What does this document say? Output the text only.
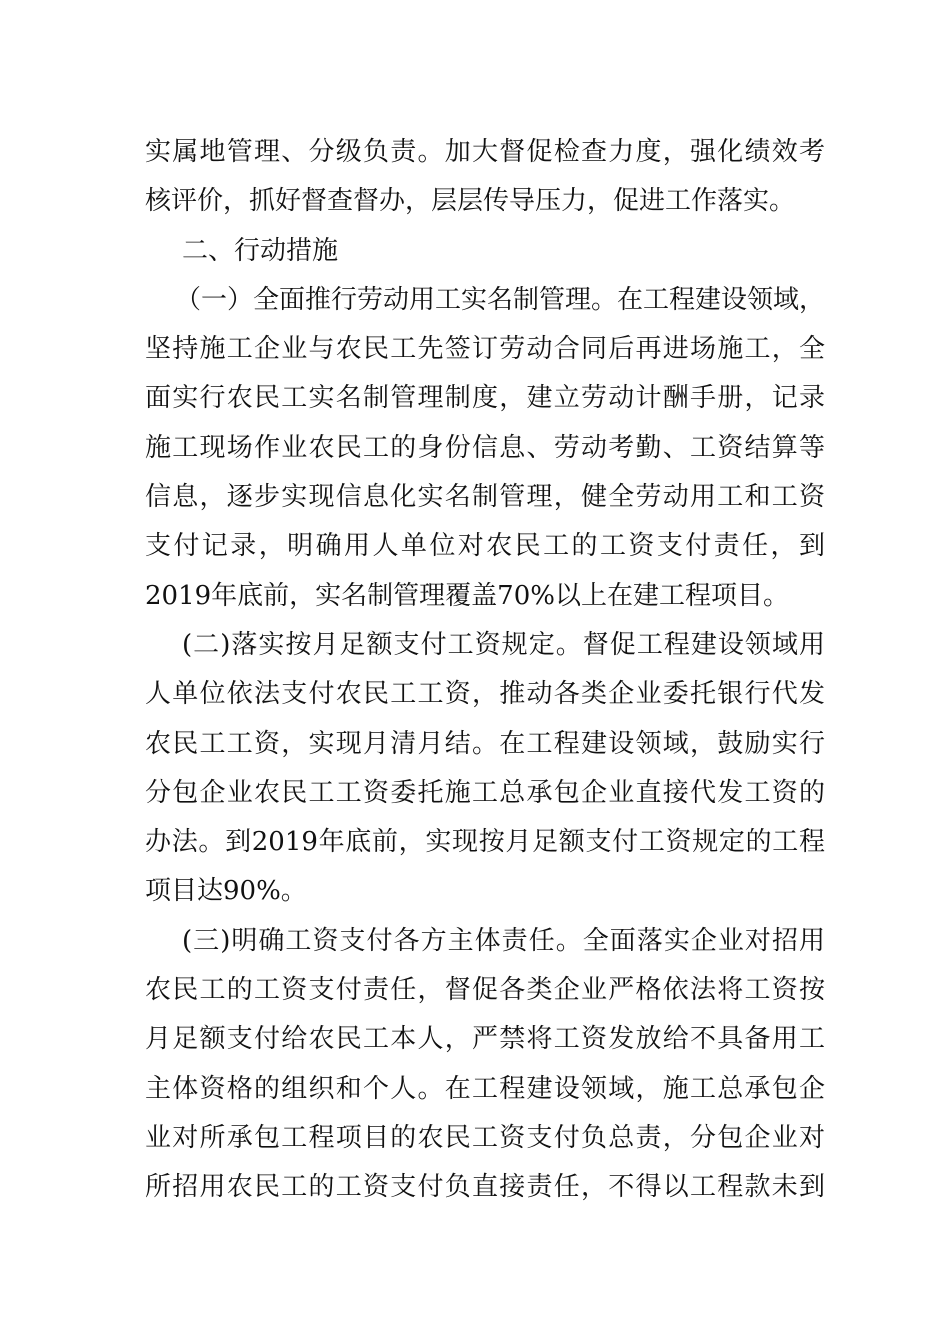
实属地管理、分级负责。加大督促检查力度，强化绩效考
核评价，抓好督查督办，层层传导压力，促进工作落实。
二、行动措施
（一）全面推行劳动用工实名制管理。在工程建设领域，
坚持施工企业与农民工先签订劳动合同后再进场施工，全
面实行农民工实名制管理制度，建立劳动计酬手册，记录
施工现场作业农民工的身份信息、劳动考勤、工资结算等
信息，逐步实现信息化实名制管理，健全劳动用工和工资
支付记录，明确用人单位对农民工的工资支付责任，到
2019年底前，实名制管理覆盖70%以上在建工程项目。
(二)落实按月足额支付工资规定。督促工程建设领域用
人单位依法支付农民工工资，推动各类企业委托银行代发
农民工工资，实现月清月结。在工程建设领域，鼓励实行
分包企业农民工工资委托施工总承包企业直接代发工资的
办法。到2019年底前，实现按月足额支付工资规定的工程
项目达90%。
(三)明确工资支付各方主体责任。全面落实企业对招用
农民工的工资支付责任，督促各类企业严格依法将工资按
月足额支付给农民工本人，严禁将工资发放给不具备用工
主体资格的组织和个人。在工程建设领域，施工总承包企
业对所承包工程项目的农民工资支付负总责，分包企业对
所招用农民工的工资支付负直接责任，不得以工程款未到
